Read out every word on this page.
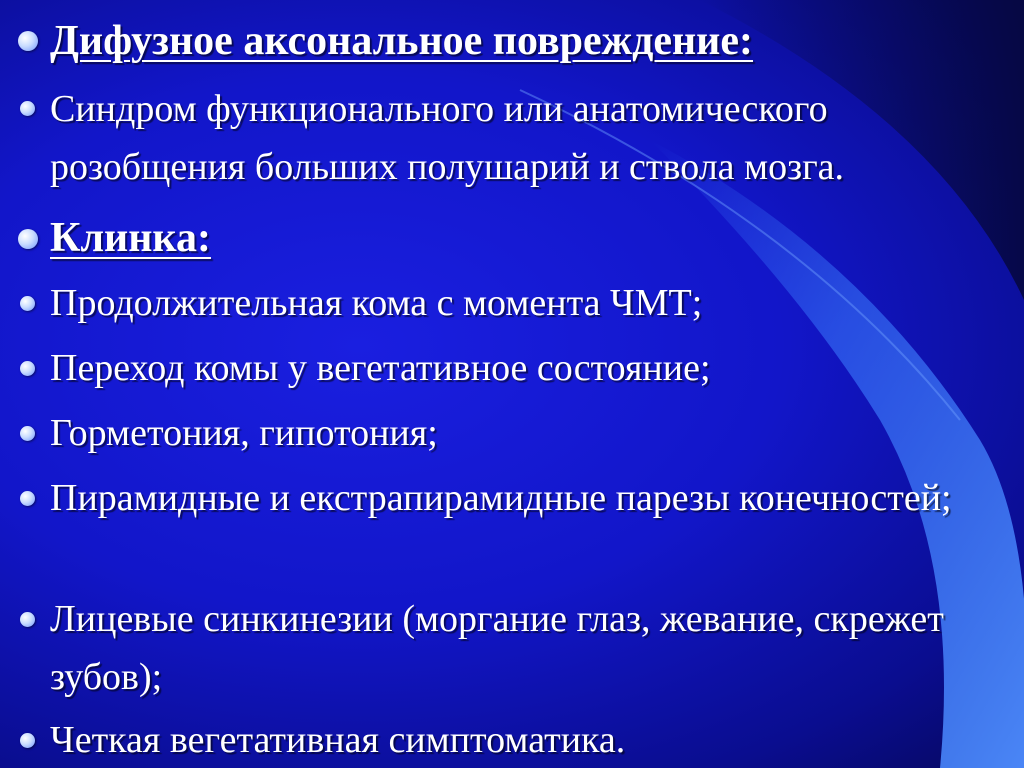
Дифузное аксональное повреждение:
Синдром функционального или анатомического розобщения больших полушарий и ствола мозга.
Клинка:
Продолжительная кома с момента ЧМТ;
Переход комы у вегетативное состояние;
Горметония, гипотония;
Пирамидные и екстрапирамидные парезы конечностей;
Лицевые синкинезии (моргание глаз, жевание, скрежет зубов);
Четкая вегетативная симптоматика.
